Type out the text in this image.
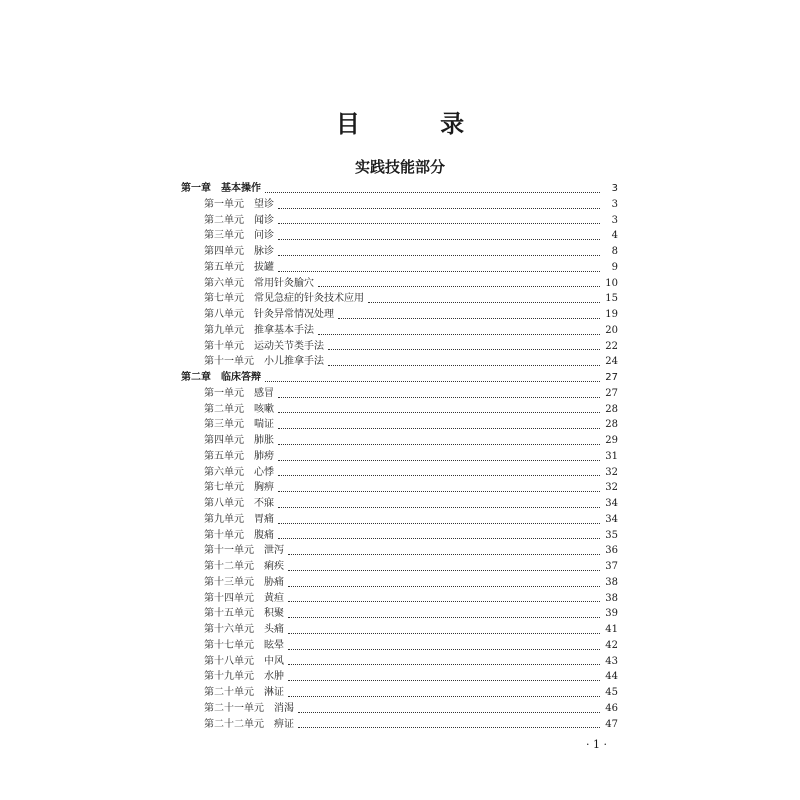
目 录
实践技能部分
第一章 基本操作	3
第一单元 望诊	3
第二单元 闻诊	3
第三单元 问诊	4
第四单元 脉诊	8
第五单元 拔罐	9
第六单元 常用针灸腧穴	10
第七单元 常见急症的针灸技术应用	15
第八单元 针灸异常情况处理	19
第九单元 推拿基本手法	20
第十单元 运动关节类手法	22
第十一单元 小儿推拿手法	24
第二章 临床答辩	27
第一单元 感冒	27
第二单元 咳嗽	28
第三单元 喘证	28
第四单元 肺胀	29
第五单元 肺痨	31
第六单元 心悸	32
第七单元 胸痹	32
第八单元 不寐	34
第九单元 胃痛	34
第十单元 腹痛	35
第十一单元 泄泻	36
第十二单元 痢疾	37
第十三单元 胁痛	38
第十四单元 黄疸	38
第十五单元 积聚	39
第十六单元 头痛	41
第十七单元 眩晕	42
第十八单元 中风	43
第十九单元 水肿	44
第二十单元 淋证	45
第二十一单元 消渴	46
第二十二单元 痹证	47
· 1 ·
